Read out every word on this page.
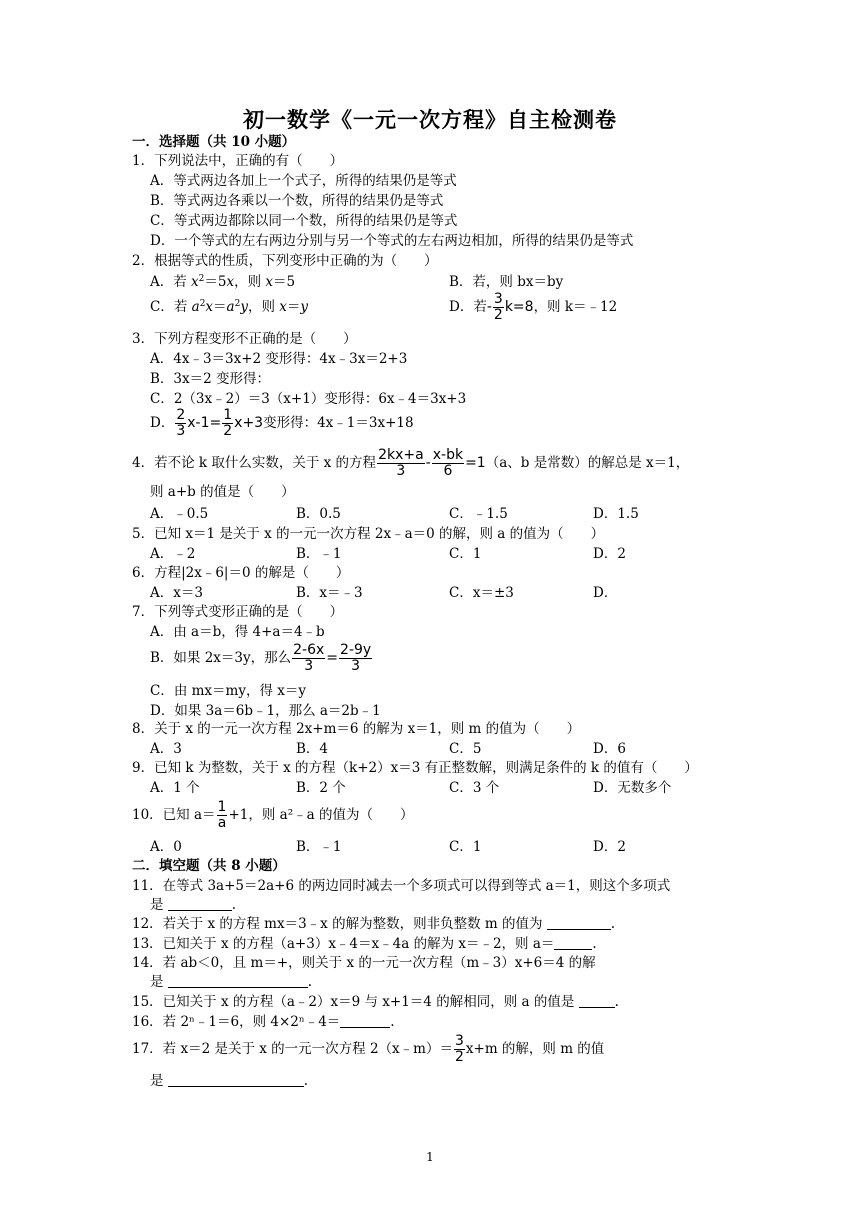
初一数学《一元一次方程》自主检测卷
一．选择题（共 10 小题）
1．下列说法中，正确的有（　　）
A．等式两边各加上一个式子，所得的结果仍是等式
B．等式两边各乘以一个数，所得的结果仍是等式
C．等式两边都除以同一个数，所得的结果仍是等式
D．一个等式的左右两边分别与另一个等式的左右两边相加，所得的结果仍是等式
2．根据等式的性质，下列变形中正确的为（　　）
A．若 $x^2=5x$，则 x＝5	B．若，则 bx＝by
C．若 $a^2x=a^2y$，则 x＝y	D．若- $\frac{3}{2} k=8$，则 k＝﹣12
3．下列方程变形不正确的是（　　）
A．4x﹣3＝3x+2 变形得：4x﹣3x＝2+3
B．3x＝2 变形得：
C．2（3x﹣2）＝3（x+1）变形得：6x﹣4＝3x+3
D． $\frac{2}{3} x-1= \frac{1}{2} x+3$变形得：4x﹣1＝3x+18
4．若不论 k 取什么实数，关于 x 的方程 $\frac{2kx+a}{3} - \frac{x-bk}{6} =1(a$、b 是常数）的解总是 x＝1，
则 a+b 的值是（　　）
A．﹣0.5	B．0.5	C．﹣1.5	D．1.5
5．已知 x＝1 是关于 x 的一元一次方程 2x﹣a＝0 的解，则 a 的值为（　　）
A．﹣2	B．﹣1	C．1	D．2
6．方程|2x﹣6|＝0 的解是（　　）
A．x＝3	B．x＝﹣3	C．x＝±3	D．
7．下列等式变形正确的是（　　）
A．由 a＝b，得 4+a＝4﹣b
B．如果 2x＝3y，那么 $\frac{2-6x}{3} = \frac{2-9y}{3}$
C．由 mx＝my，得 x＝y
D．如果 3a＝6b﹣1，那么 a＝2b﹣1
8．关于 x 的一元一次方程 2x+m＝6 的解为 x＝1，则 m 的值为（　　）
A．3	B．4	C．5	D．6
9．已知 k 为整数，关于 x 的方程（k+2）x＝3 有正整数解，则满足条件的 k 的值有（　　）
A．1 个	B．2 个	C．3 个	D．无数多个
10．已知 $a= \frac{1}{a} +1$，则 a²﹣a 的值为（　　）
A．0	B．﹣1	C．1	D．2
二．填空题（共 8 小题）
11．在等式 3a+5＝2a+6 的两边同时减去一个多项式可以得到等式 a＝1，则这个多项式
是	.
12．若关于 x 的方程 mx＝3﹣x 的解为整数，则非负整数 m 的值为	.
13．已知关于 x 的方程（a+3）x﹣4＝x﹣4a 的解为 x＝﹣2，则 a＝	.
14．若 ab＜0，且 m＝+，则关于 x 的一元一次方程（m﹣3）x+6＝4 的解
是	.
15．已知关于 x 的方程（a﹣2）x＝9 与 x+1＝4 的解相同，则 a 的值是	.
16．若 2ⁿ﹣1＝6，则 4×2ⁿ﹣4＝	.
17．若 x＝2 是关于 x 的一元一次方程 2（x﹣m）＝ $\frac{3}{2} x+m$ 的解，则 m 的值
是	.
1
